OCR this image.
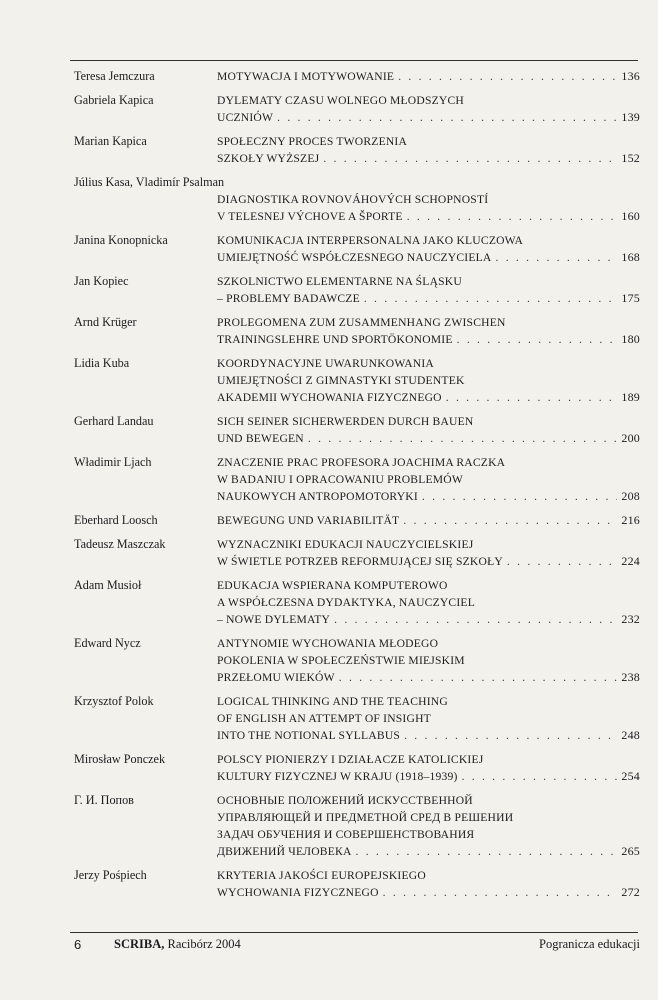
Teresa Jemczura	MOTYWACJA I MOTYWOWANIE . . .	136
Gabriela Kapica	DYLEMATY CZASU WOLNEGO MŁODSZYCH
UCZNIÓW . . .	139
Marian Kapica	SPOŁECZNY PROCES TWORZENIA
SZKOŁY WYŻSZEJ . . .	152
Július Kasa, Vladimír Psalman
DIAGNOSTIKA ROVNOVÁHOVÝCH SCHOPNOSTÍ
V TELESNEJ VÝCHOVE A ŠPORTE . . .	160
Janina Konopnicka	KOMUNIKACJA INTERPERSONALNA JAKO KLUCZOWA
UMIEJĘTNOŚĆ WSPÓŁCZESNEGO NAUCZYCIELA . . .	168
Jan Kopiec	SZKOLNICTWO ELEMENTARNE NA ŚLĄSKU
– PROBLEMY BADAWCZE . . .	175
Arnd Krüger	PROLEGOMENA ZUM ZUSAMMENHANG ZWISCHEN
TRAININGSLEHRE UND SPORTÖKONOMIE . . .	180
Lidia Kuba	KOORDYNACYJNE UWARUNKOWANIA
UMIEJĘTNOŚCI Z GIMNASTYKI STUDENTEK
AKADEMII WYCHOWANIA FIZYCZNEGO . . .	189
Gerhard Landau	SICH SEINER SICHERWERDEN DURCH BAUEN
UND BEWEGEN . . .	200
Władimir Ljach	ZNACZENIE PRAC PROFESORA JOACHIMA RACZKA
W BADANIU I OPRACOWANIU PROBLEMÓW
NAUKOWYCH ANTROPOMOTORYKI . . .	208
Eberhard Loosch	BEWEGUNG UND VARIABILITÄT . . .	216
Tadeusz Maszczak	WYZNACZNIKI EDUKACJI NAUCZYCIELSKIEJ
W ŚWIETLE POTRZEB REFORMUJĄCEJ SIĘ SZKOŁY . . .	224
Adam Musioł	EDUKACJA WSPIERANA KOMPUTEROWO
A WSPÓŁCZESNA DYDAKTYKA, NAUCZYCIEL
– NOWE DYLEMATY . . .	232
Edward Nycz	ANTYNOMIE WYCHOWANIA MŁODEGO
POKOLENIA W SPOŁECZEŃSTWIE MIEJSKIM
PRZEŁOMU WIEKÓW . . .	238
Krzysztof Polok	LOGICAL THINKING AND THE TEACHING
OF ENGLISH AN ATTEMPT OF INSIGHT
INTO THE NOTIONAL SYLLABUS . . .	248
Mirosław Ponczek	POLSCY PIONIERZY I DZIAŁACZE KATOLICKIEJ
KULTURY FIZYCZNEJ W KRAJU (1918–1939) . . .	254
Г. И. Попов	ОСНОВНЫЕ ПОЛОЖЕНИЙ ИСКУССТВЕННОЙ
УПРАВЛЯЮЩЕЙ И ПРЕДМЕТНОЙ СРЕД В РЕШЕНИИ
ЗАДАЧ ОБУЧЕНИЯ И СОВЕРШЕНСТВОВАНИЯ
ДВИЖЕНИЙ ЧЕЛОВЕКА . . .	265
Jerzy Pośpiech	KRYTERIA JAKOŚCI EUROPEJSKIEGO
WYCHOWANIA FIZYCZNEGO . . .	272
6	SCRIBA, Racibórz 2004	Pogranicza edukacji
